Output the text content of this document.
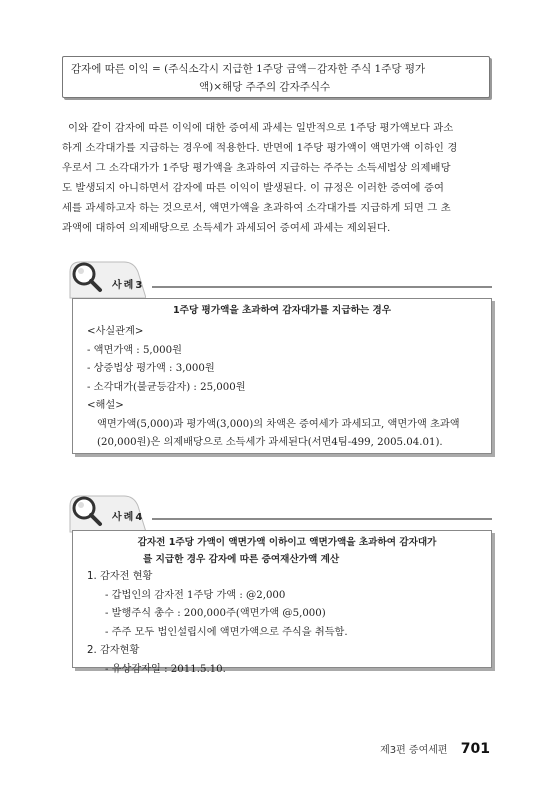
감자에 따른 이익 = (주식소각시 지급한 1주당 금액－감자한 주식 1주당 평가
액)×해당 주주의 감자주식수
이와 같이 감자에 따른 이익에 대한 증여세 과세는 일반적으로 1주당 평가액보다 과소
하게 소각대가를 지급하는 경우에 적용한다. 반면에 1주당 평가액이 액면가액 이하인 경
우로서 그 소각대가가 1주당 평가액을 초과하여 지급하는 주주는 소득세법상 의제배당
도 발생되지 아니하면서 감자에 따른 이익이 발생된다. 이 규정은 이러한 증여에 증여
세를 과세하고자 하는 것으로서, 액면가액을 초과하여 소각대가를 지급하게 되면 그 초
과액에 대하여 의제배당으로 소득세가 과세되어 증여세 과세는 제외된다.
사례3
1주당 평가액을 초과하여 감자대가를 지급하는 경우
<사실관계>
- 액면가액 : 5,000원
- 상증법상 평가액 : 3,000원
- 소각대가(불균등감자) : 25,000원
<해설>
액면가액(5,000)과 평가액(3,000)의 차액은 증여세가 과세되고, 액면가액 초과액
(20,000원)은 의제배당으로 소득세가 과세된다(서면4팀-499, 2005.04.01).
사례4
감자전 1주당 가액이 액면가액 이하이고 액면가액을 초과하여 감자대가
를 지급한 경우 감자에 따른 증여재산가액 계산
1. 감자전 현황
- 갑법인의 감자전 1주당 가액 : @2,000
- 발행주식 총수 : 200,000주(액면가액 @5,000)
- 주주 모두 법인설립시에 액면가액으로 주식을 취득함.
2. 감자현황
- 유상감자일 : 2011.5.10.
제3편 증여세편 701
